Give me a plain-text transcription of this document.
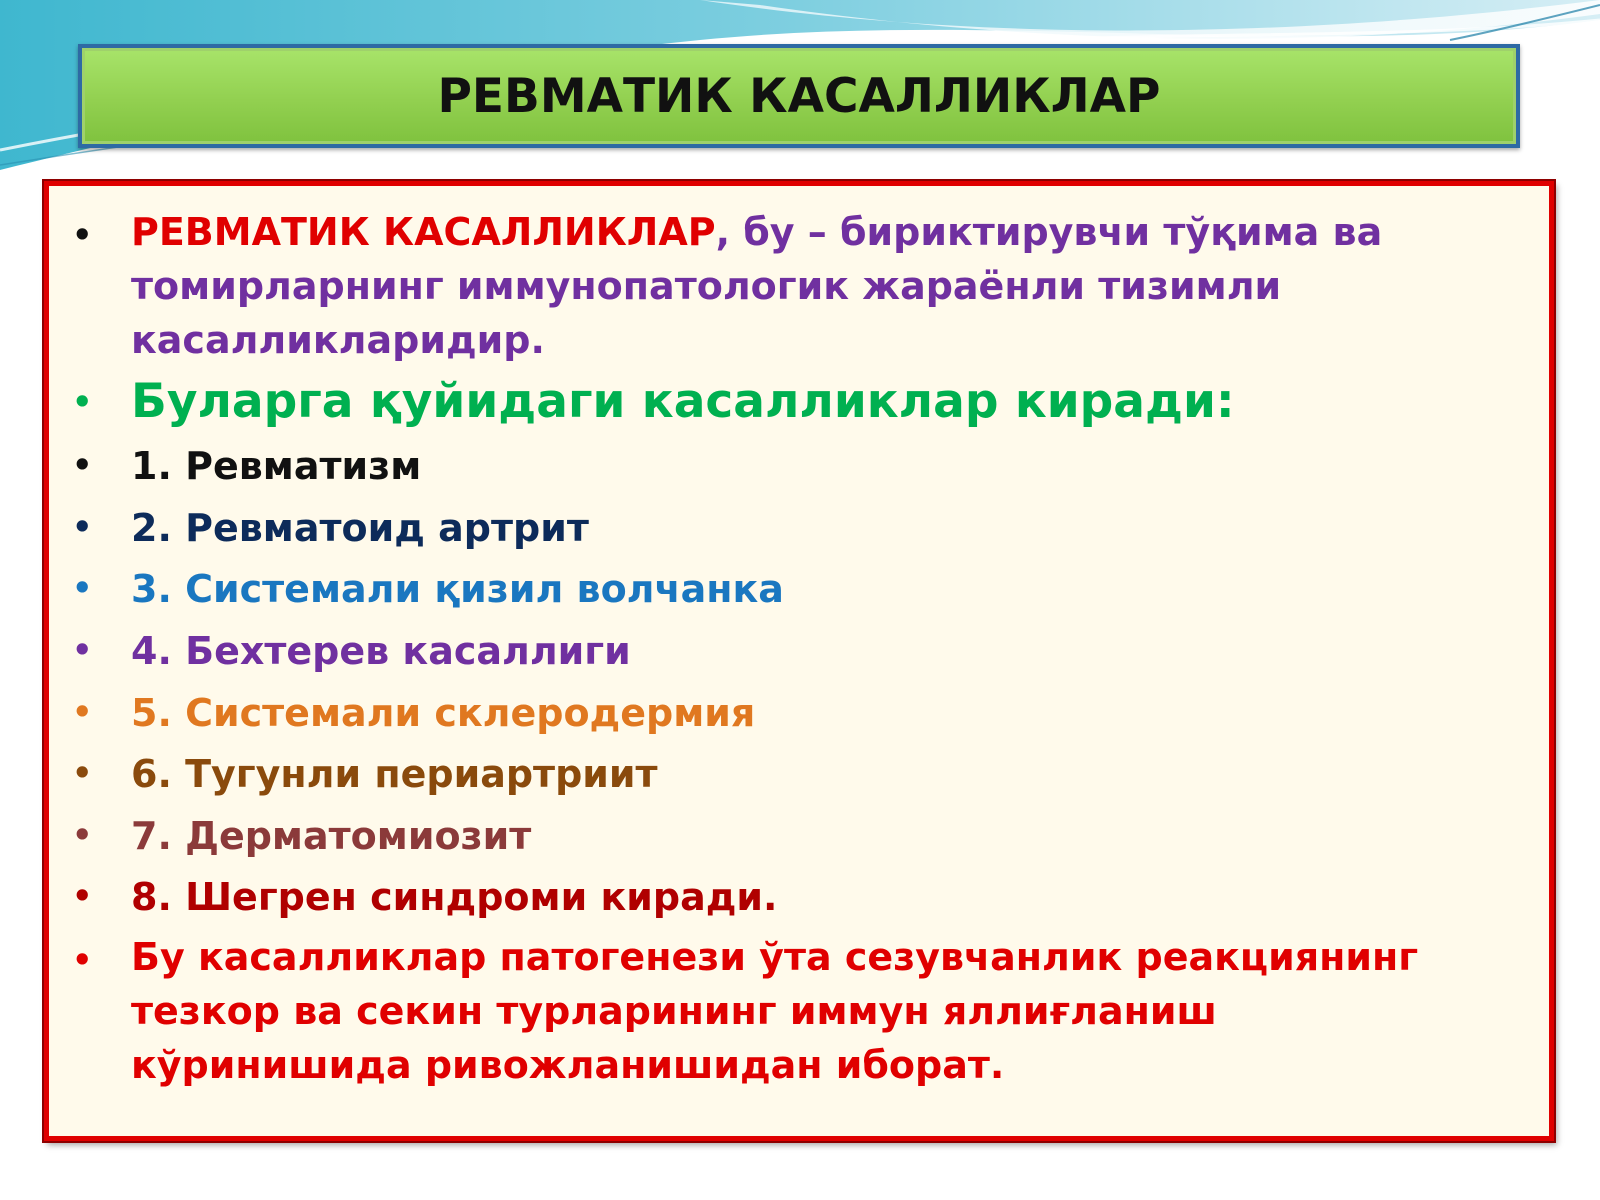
РЕВМАТИК КАСАЛЛИКЛАР
• РЕВМАТИК КАСАЛЛИКЛАР, бу – бириктирувчи тўқима ва томирларнинг иммунопатологик жараёнли тизимли касалликларидир.
• Буларга қуйидаги касалликлар киради:
• 1. Ревматизм
• 2. Ревматоид артрит
• 3. Системали қизил волчанка
• 4. Бехтерев касаллиги
• 5. Системали склеродермия
• 6. Тугунли периартриит
• 7. Дерматомиозит
• 8. Шегрен синдроми киради.
• Бу касалликлар патогенези ўта сезувчанлик реакциянинг тезкор ва секин турларининг иммун яллиғланиш кўринишида ривожланишидан иборат.
